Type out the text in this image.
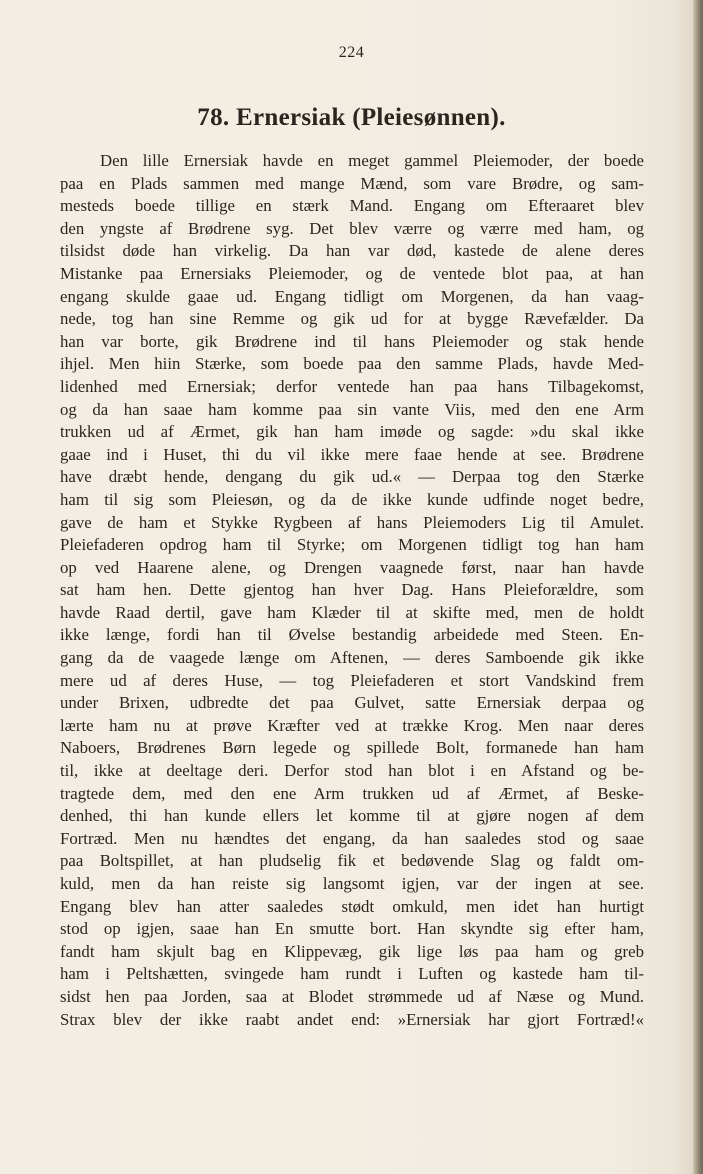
224
78. Ernersiak (Pleiesønnen).
Den lille Ernersiak havde en meget gammel Pleiemoder, der boede
paa en Plads sammen med mange Mænd, som vare Brødre, og sam-
mesteds boede tillige en stærk Mand. Engang om Efteraaret blev
den yngste af Brødrene syg. Det blev værre og værre med ham, og
tilsidst døde han virkelig. Da han var død, kastede de alene deres
Mistanke paa Ernersiaks Pleiemoder, og de ventede blot paa, at han
engang skulde gaae ud. Engang tidligt om Morgenen, da han vaag-
nede, tog han sine Remme og gik ud for at bygge Rævefælder. Da
han var borte, gik Brødrene ind til hans Pleiemoder og stak hende
ihjel. Men hiin Stærke, som boede paa den samme Plads, havde Med-
lidenhed med Ernersiak; derfor ventede han paa hans Tilbagekomst,
og da han saae ham komme paa sin vante Viis, med den ene Arm
trukken ud af Ærmet, gik han ham imøde og sagde: »du skal ikke
gaae ind i Huset, thi du vil ikke mere faae hende at see. Brødrene
have dræbt hende, dengang du gik ud.« — Derpaa tog den Stærke
ham til sig som Pleiesøn, og da de ikke kunde udfinde noget bedre,
gave de ham et Stykke Rygbeen af hans Pleiemoders Lig til Amulet.
Pleiefaderen opdrog ham til Styrke; om Morgenen tidligt tog han ham
op ved Haarene alene, og Drengen vaagnede først, naar han havde
sat ham hen. Dette gjentog han hver Dag. Hans Pleieforældre, som
havde Raad dertil, gave ham Klæder til at skifte med, men de holdt
ikke længe, fordi han til Øvelse bestandig arbeidede med Steen. En-
gang da de vaagede længe om Aftenen, — deres Samboende gik ikke
mere ud af deres Huse, — tog Pleiefaderen et stort Vandskind frem
under Brixen, udbredte det paa Gulvet, satte Ernersiak derpaa og
lærte ham nu at prøve Kræfter ved at trække Krog. Men naar deres
Naboers, Brødrenes Børn legede og spillede Bolt, formanede han ham
til, ikke at deeltage deri. Derfor stod han blot i en Afstand og be-
tragtede dem, med den ene Arm trukken ud af Ærmet, af Beske-
denhed, thi han kunde ellers let komme til at gjøre nogen af dem
Fortræd. Men nu hændtes det engang, da han saaledes stod og saae
paa Boltspillet, at han pludselig fik et bedøvende Slag og faldt om-
kuld, men da han reiste sig langsomt igjen, var der ingen at see.
Engang blev han atter saaledes stødt omkuld, men idet han hurtigt
stod op igjen, saae han En smutte bort. Han skyndte sig efter ham,
fandt ham skjult bag en Klippevæg, gik lige løs paa ham og greb
ham i Peltshætten, svingede ham rundt i Luften og kastede ham til-
sidst hen paa Jorden, saa at Blodet strømmede ud af Næse og Mund.
Strax blev der ikke raabt andet end: »Ernersiak har gjort Fortræd!«
